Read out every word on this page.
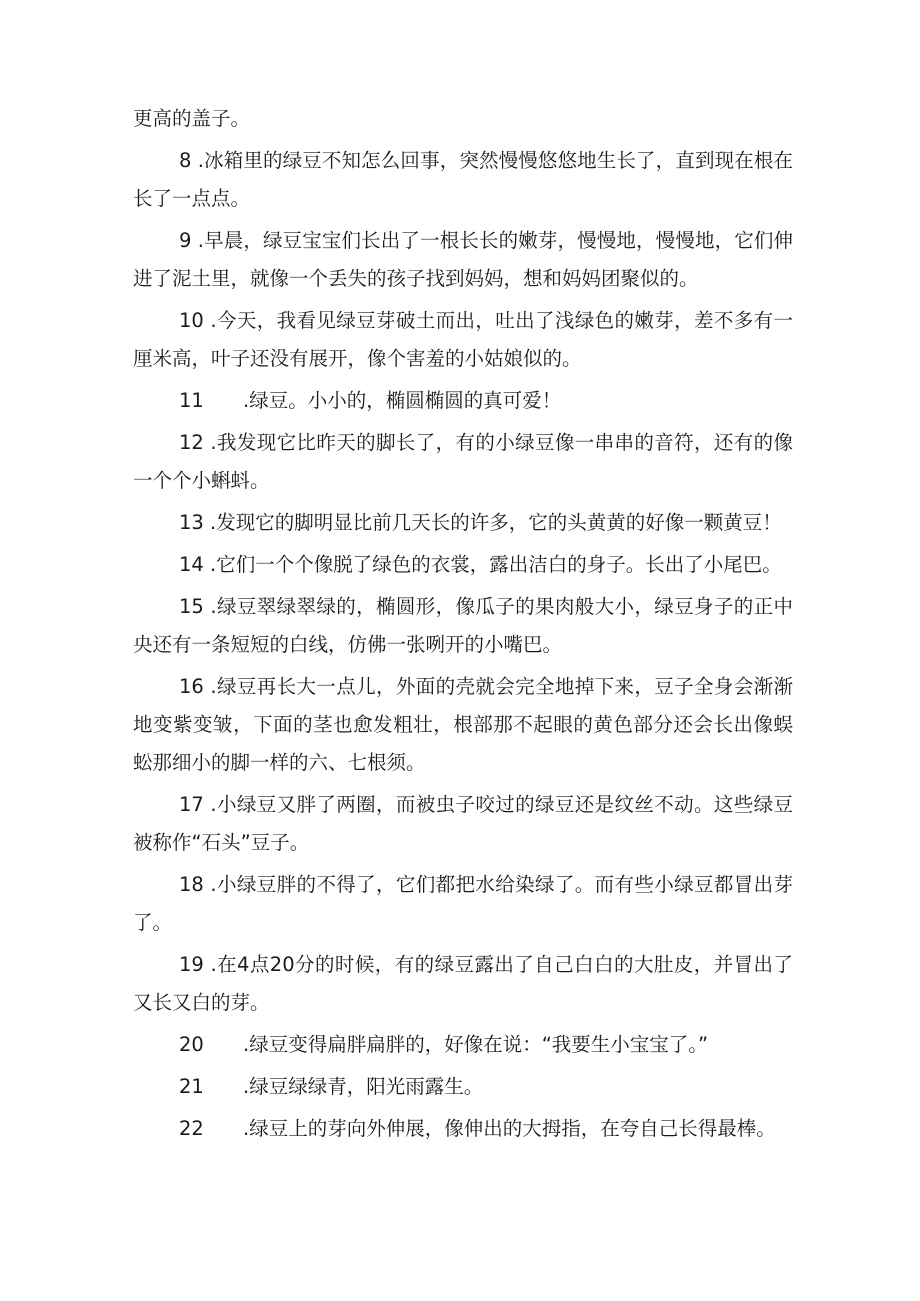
更高的盖子。

8 .冰箱里的绿豆不知怎么回事，突然慢慢悠悠地生长了，直到现在根在长了一点点。

9 .早晨，绿豆宝宝们长出了一根长长的嫩芽，慢慢地，慢慢地，它们伸进了泥土里，就像一个丢失的孩子找到妈妈，想和妈妈团聚似的。

10 .今天，我看见绿豆芽破土而出，吐出了浅绿色的嫩芽，差不多有一厘米高，叶子还没有展开，像个害羞的小姑娘似的。

11 .绿豆。小小的，椭圆椭圆的真可爱！

12 .我发现它比昨天的脚长了，有的小绿豆像一串串的音符，还有的像一个个小蝌蚪。

13 .发现它的脚明显比前几天长的许多，它的头黄黄的好像一颗黄豆！

14 .它们一个个像脱了绿色的衣裳，露出洁白的身子。长出了小尾巴。

15 .绿豆翠绿翠绿的，椭圆形，像瓜子的果肉般大小，绿豆身子的正中央还有一条短短的白线，仿佛一张咧开的小嘴巴。

16 .绿豆再长大一点儿，外面的壳就会完全地掉下来，豆子全身会渐渐地变紫变皱，下面的茎也愈发粗壮，根部那不起眼的黄色部分还会长出像蜈蚣那细小的脚一样的六、七根须。

17 .小绿豆又胖了两圈，而被虫子咬过的绿豆还是纹丝不动。这些绿豆被称作“石头”豆子。

18 .小绿豆胖的不得了，它们都把水给染绿了。而有些小绿豆都冒出芽了。

19 .在4点20分的时候，有的绿豆露出了自己白白的大肚皮，并冒出了又长又白的芽。

20 .绿豆变得扁胖扁胖的，好像在说：“我要生小宝宝了。”

21 .绿豆绿绿青，阳光雨露生。

22 .绿豆上的芽向外伸展，像伸出的大拇指，在夸自己长得最棒。
